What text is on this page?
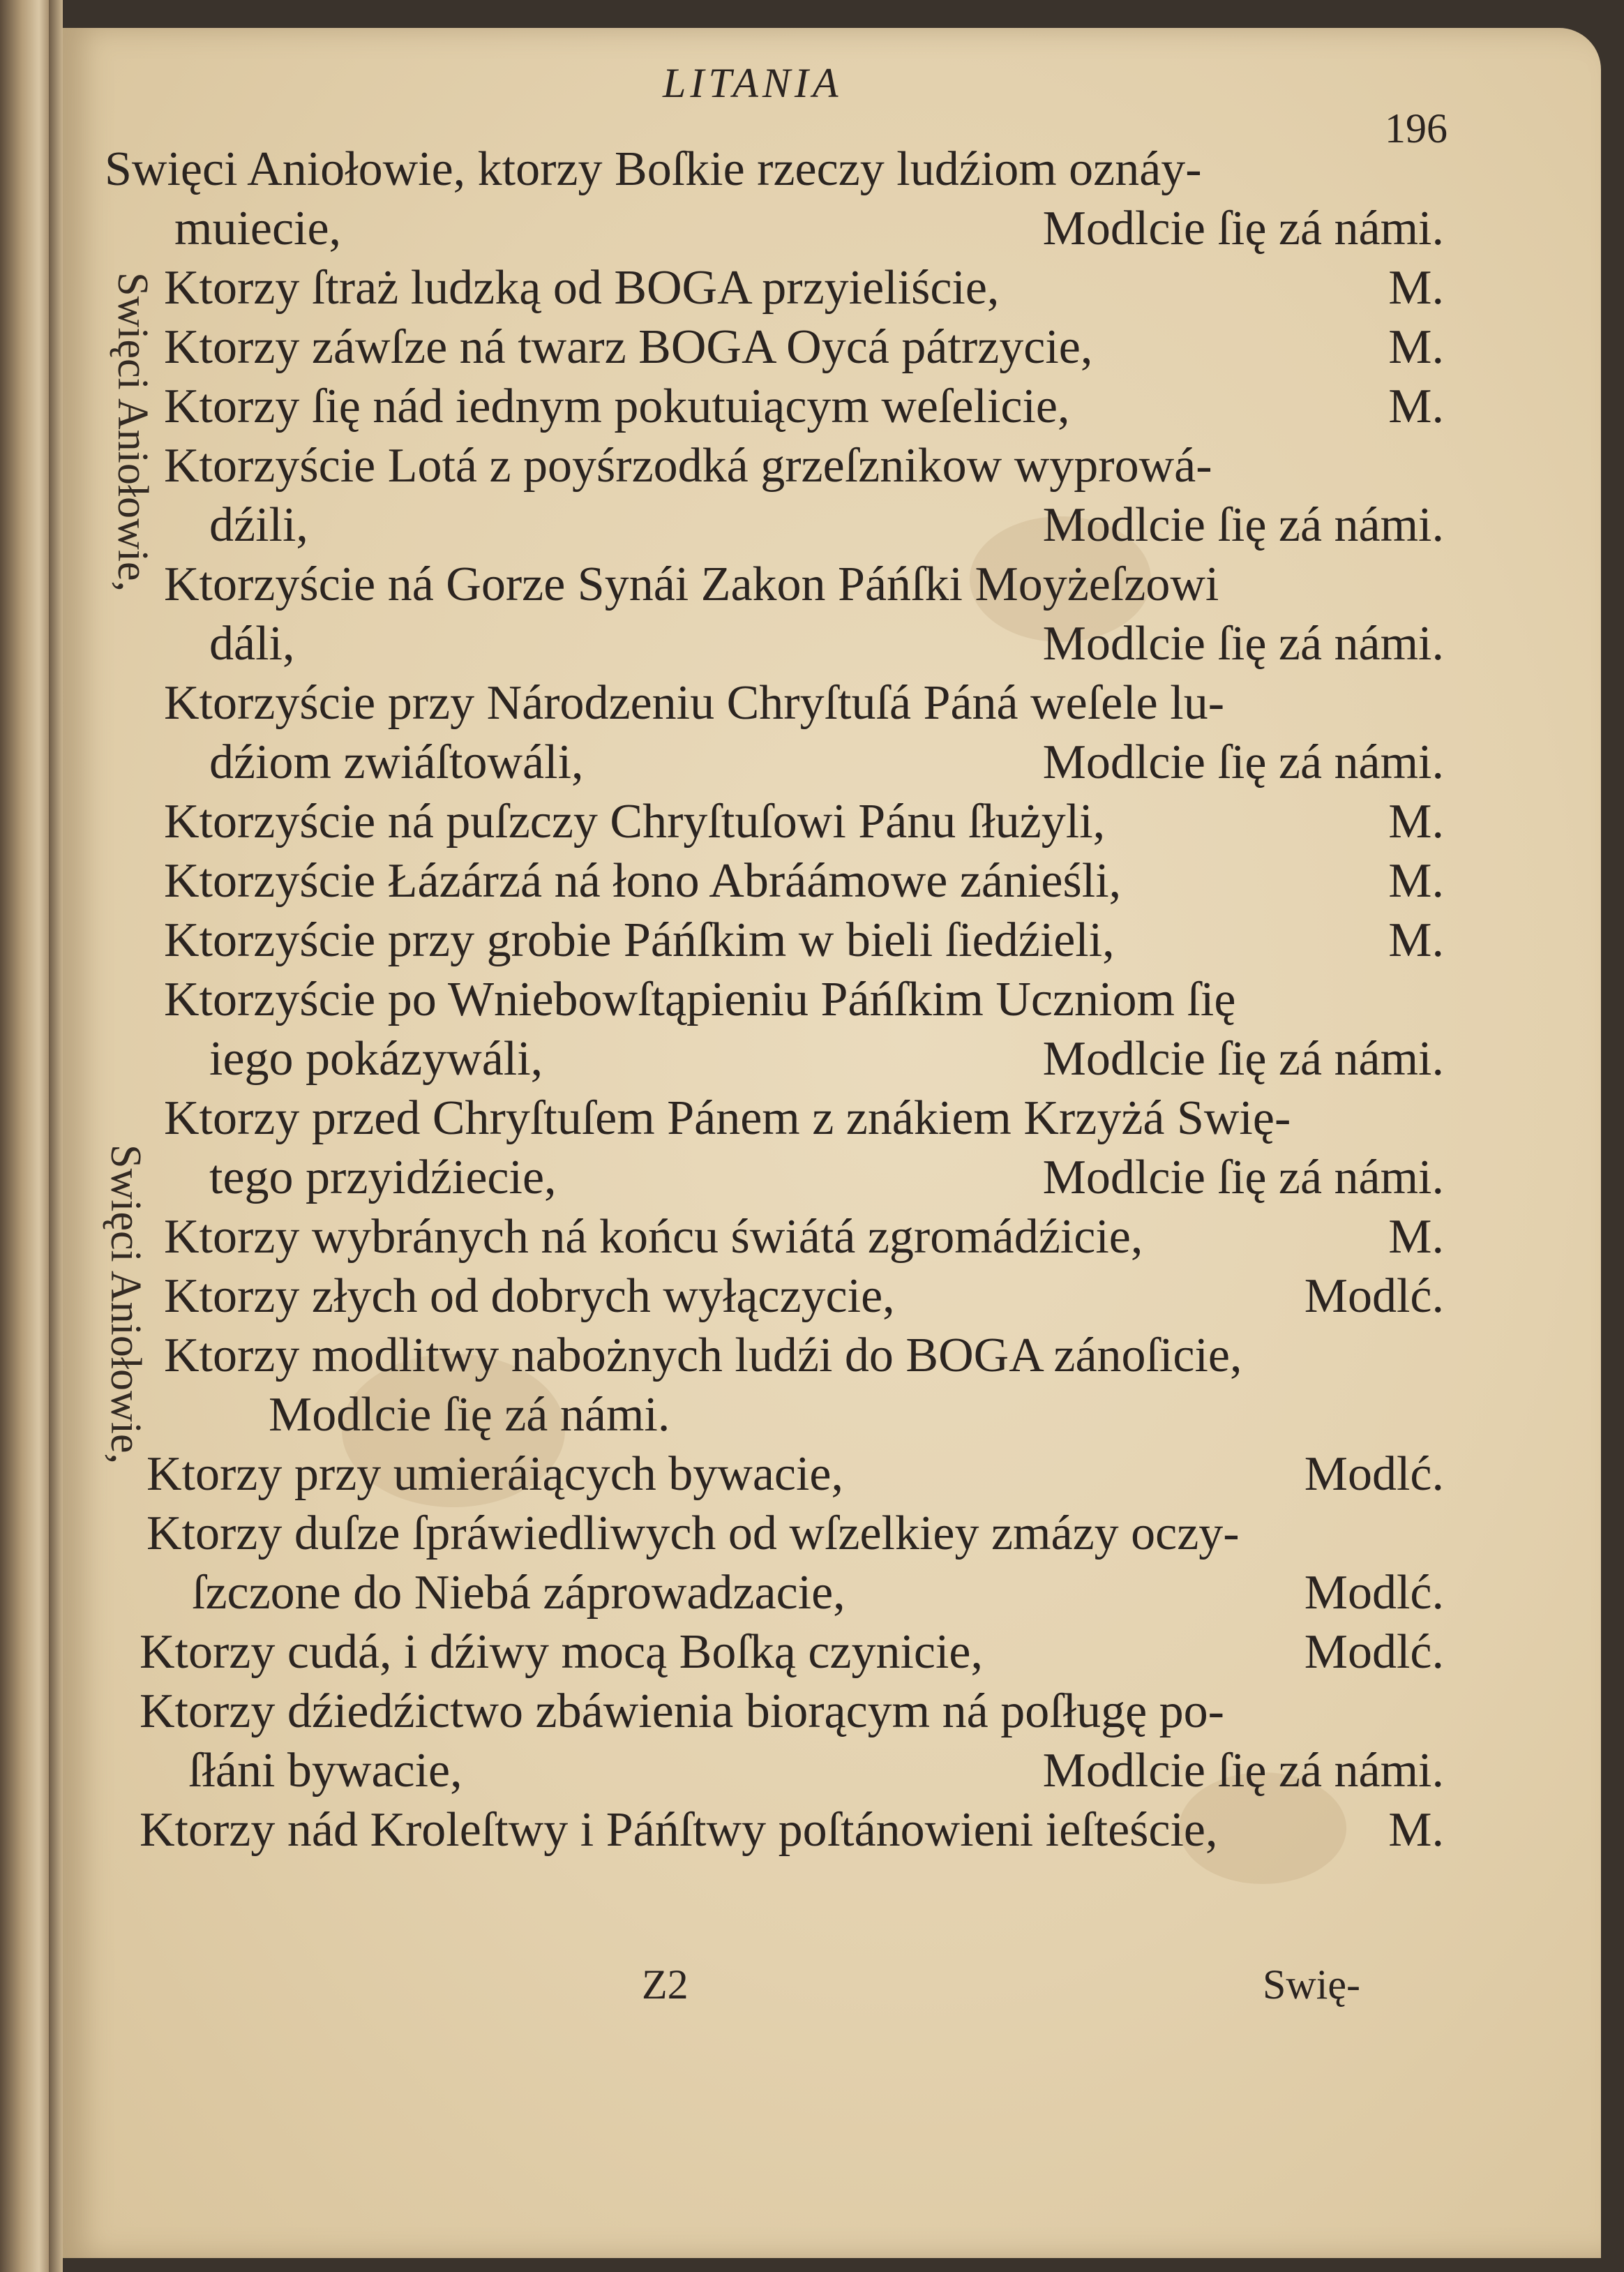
LITANIA
196
Swięci Aniołowie,
Swięci Aniołowie,
Swięci Aniołowie, ktorzy Boſkie rzeczy ludźiom oznáy-
muiecie,	Modlcie ſię zá námi.
Ktorzy ſtraż ludzką od BOGA przyieliście,	M.
Ktorzy záwſze ná twarz BOGA Oycá pátrzycie,	M.
Ktorzy ſię nád iednym pokutuiącym weſelicie,	M.
Ktorzyście Lotá z poyśrzodká grzeſznikow wyprowá-
dźili,	Modlcie ſię zá námi.
Ktorzyście ná Gorze Synái Zakon Páńſki Moyżeſzowi
dáli,	Modlcie ſię zá námi.
Ktorzyście przy Národzeniu Chryſtuſá Páná weſele lu-
dźiom zwiáſtowáli,	Modlcie ſię zá námi.
Ktorzyście ná puſzczy Chryſtuſowi Pánu ſłużyli,	M.
Ktorzyście Łázárzá ná łono Abráámowe zánieśli,	M.
Ktorzyście przy grobie Páńſkim w bieli ſiedźieli,	M.
Ktorzyście po Wniebowſtąpieniu Páńſkim Uczniom ſię
iego pokázywáli,	Modlcie ſię zá námi.
Ktorzy przed Chryſtuſem Pánem z znákiem Krzyżá Swię-
tego przyidźiecie,	Modlcie ſię zá námi.
Ktorzy wybránych ná końcu świátá zgromádźicie,	M.
Ktorzy złych od dobrych wyłączycie,	Modlć.
Ktorzy modlitwy nabożnych ludźi do BOGA zánoſicie,
Modlcie ſię zá námi.
Ktorzy przy umieráiących bywacie,	Modlć.
Ktorzy duſze ſpráwiedliwych od wſzelkiey zmázy oczy-
ſzczone do Niebá záprowadzacie,	Modlć.
Ktorzy cudá, i dźiwy mocą Boſką czynicie,	Modlć.
Ktorzy dźiedźictwo zbáwienia biorącym ná poſługę po-
ſłáni bywacie,	Modlcie ſię zá námi.
Ktorzy nád Kroleſtwy i Páńſtwy poſtánowieni ieſteście,	M.
Z2	Swię-
